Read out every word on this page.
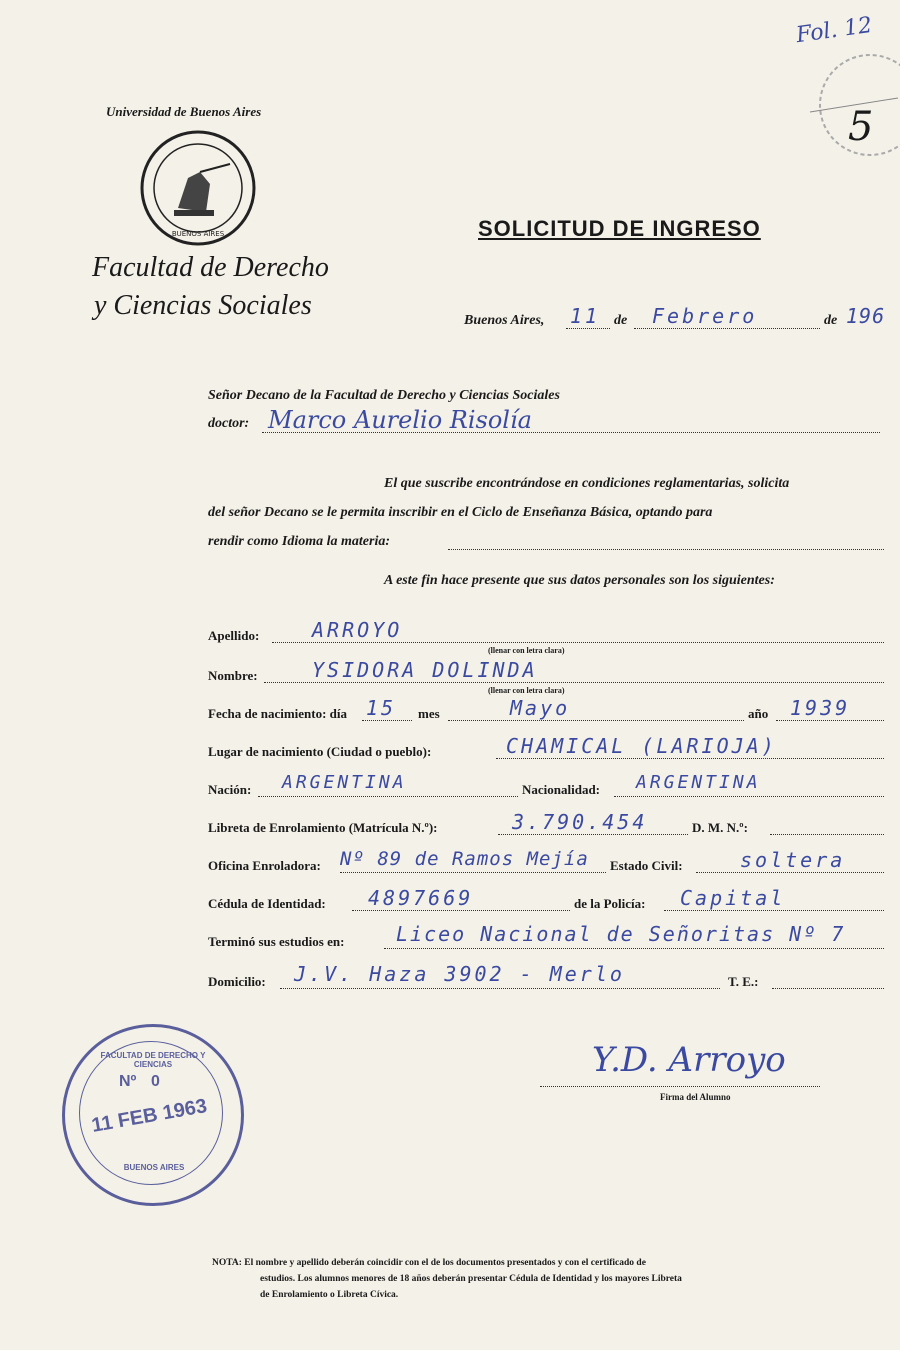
Universidad de Buenos Aires
BUENOS AIRES
Facultad de Derecho
y Ciencias Sociales
Fol. 12
5
SOLICITUD DE INGRESO
Buenos Aires, 11 de Febrero	de 196
Señor Decano de la Facultad de Derecho y Ciencias Sociales
doctor: Marco Aurelio Risolía
El que suscribe encontrándose en condiciones reglamentarias, solicita
del señor Decano se le permita inscribir en el Ciclo de Enseñanza Básica, optando para
rendir como Idioma la materia:
A este fin hace presente que sus datos personales son los siguientes:
Apellido:	ARROYO
(llenar con letra clara)
Nombre:	YSIDORA DOLINDA
(llenar con letra clara)
Fecha de nacimiento: día 15 mes	Mayo	año 1939
Lugar de nacimiento (Ciudad o pueblo):	CHAMICAL (LARIOJA)
Nación: ARGENTINA	Nacionalidad: ARGENTINA
Libreta de Enrolamiento (Matrícula N.º):	3.790.454	D. M. N.º:
Oficina Enroladora: Nº 89 de Ramos Mejía Estado Civil:	soltera
Cédula de Identidad: 4897669	de la Policía: Capital
Terminó sus estudios en:	Liceo Nacional de Señoritas Nº 7
Domicilio: J.V. Haza 3902 - Merlo	T. E.:
FACULTAD DE DERECHO Y CIENCIAS
Nº 0
11 FEB 1963
BUENOS AIRES
Y.D. Arroyo
Firma del Alumno
NOTA: El nombre y apellido deberán coincidir con el de los documentos presentados y con el certificado de
estudios. Los alumnos menores de 18 años deberán presentar Cédula de Identidad y los mayores Libreta
de Enrolamiento o Libreta Cívica.
